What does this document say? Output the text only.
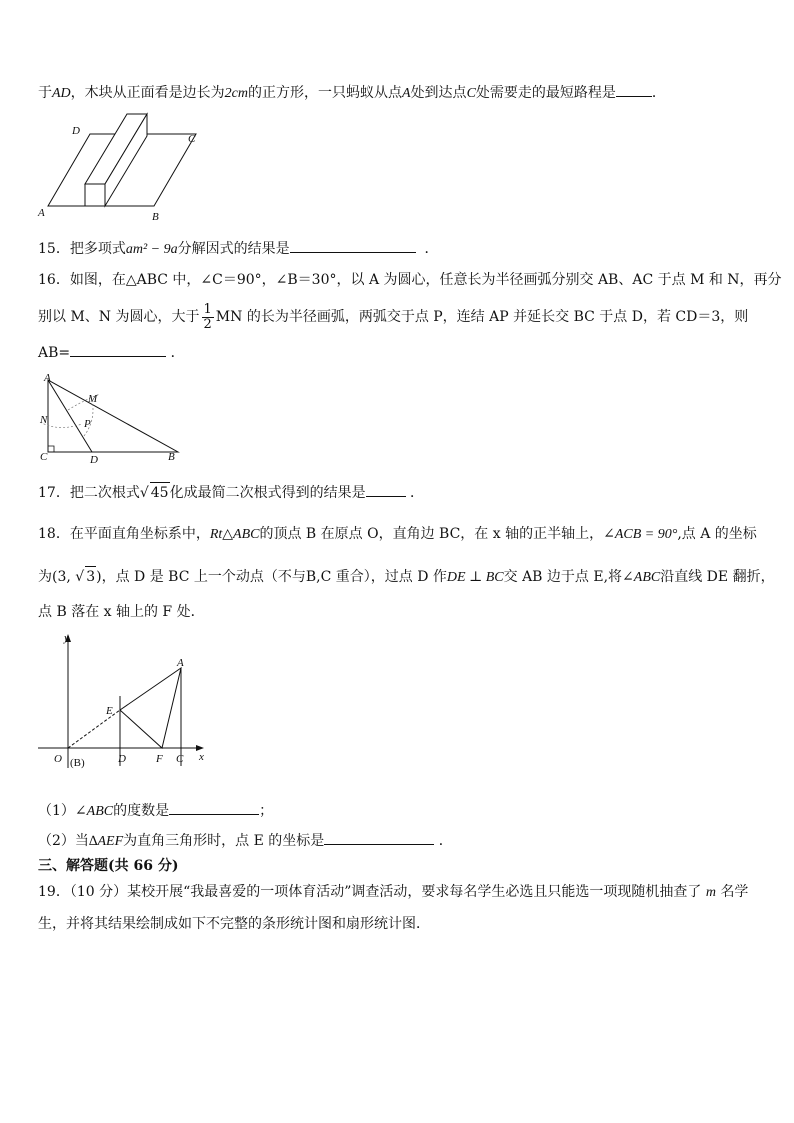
于AD，木块从正面看是边长为2cm的正方形，一只蚂蚁从点A处到达点C处需要走的最短路程是	．
D
C
A	B
15．把多项式am² − 9a分解因式的结果是	．
16．如图，在△ABC 中，∠C＝90°，∠B＝30°，以 A 为圆心，任意长为半径画弧分别交 AB、AC 于点 M 和 N，再分
别以 M、N 为圆心，大于 $\frac{1}{2}$ MN 的长为半径画弧，两弧交于点 P，连结 AP 并延长交 BC 于点 D，若 CD＝3，则
AB=	．
A
M
N	P
C	D	B
17．把二次根式√ 45化成最简二次根式得到的结果是	．
18．在平面直角坐标系中，Rt△ABC的顶点 B 在原点 O，直角边 BC，在 x 轴的正半轴上，∠ACB = 90°,点 A 的坐标
为(3, √ 3)，点 D 是 BC 上一个动点（不与B,C 重合），过点 D 作DE ⊥ BC交 AB 边于点 E,将∠ABC沿直线 DE 翻折，
点 B 落在 x 轴上的 F 处．
y
x
A
E
O (B)	D	F C
（1）∠ABC的度数是	；
（2）当∆AEF为直角三角形时，点 E 的坐标是	．
三、解答题(共 66 分)
19．（10 分）某校开展“我最喜爱的一项体育活动”调查活动，要求每名学生必选且只能选一项现随机抽查了 m 名学
生，并将其结果绘制成如下不完整的条形统计图和扇形统计图．
